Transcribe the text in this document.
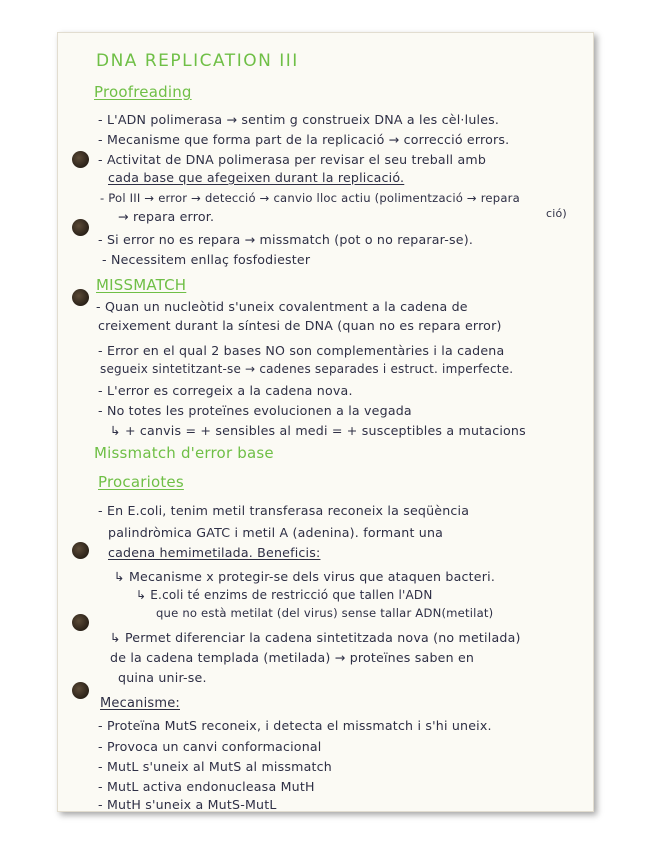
DNA REPLICATION III
Proofreading
- L'ADN polimerasa → sentim g construeix DNA a les cèl·lules.
- Mecanisme que forma part de la replicació → correcció errors.
- Activitat de DNA polimerasa per revisar el seu treball amb
cada base que afegeixen durant la replicació.
- Pol III → error → detecció → canvio lloc actiu (polimentzació → repara
ció)
→ repara error.
- Si error no es repara → missmatch (pot o no reparar-se).
- Necessitem enllaç fosfodiester
MISSMATCH
- Quan un nucleòtid s'uneix covalentment a la cadena de
creixement durant la síntesi de DNA (quan no es repara error)
- Error en el qual 2 bases NO son complementàries i la cadena
segueix sintetitzant-se → cadenes separades i estruct. imperfecte.
- L'error es corregeix a la cadena nova.
- No totes les proteïnes evolucionen a la vegada
↳ + canvis = + sensibles al medi = + susceptibles a mutacions
Missmatch d'error base
Procariotes
- En E.coli, tenim metil transferasa reconeix la seqüència
palindròmica GATC i metil A (adenina). formant una
cadena hemimetilada. Beneficis:
↳ Mecanisme x protegir-se dels virus que ataquen bacteri.
↳ E.coli té enzims de restricció que tallen l'ADN
que no està metilat (del virus) sense tallar ADN(metilat)
↳ Permet diferenciar la cadena sintetitzada nova (no metilada)
de la cadena templada (metilada) → proteïnes saben en
quina unir-se.
Mecanisme:
- Proteïna MutS reconeix, i detecta el missmatch i s'hi uneix.
- Provoca un canvi conformacional
- MutL s'uneix al MutS al missmatch
- MutL activa endonucleasa MutH
- MutH s'uneix a MutS-MutL
